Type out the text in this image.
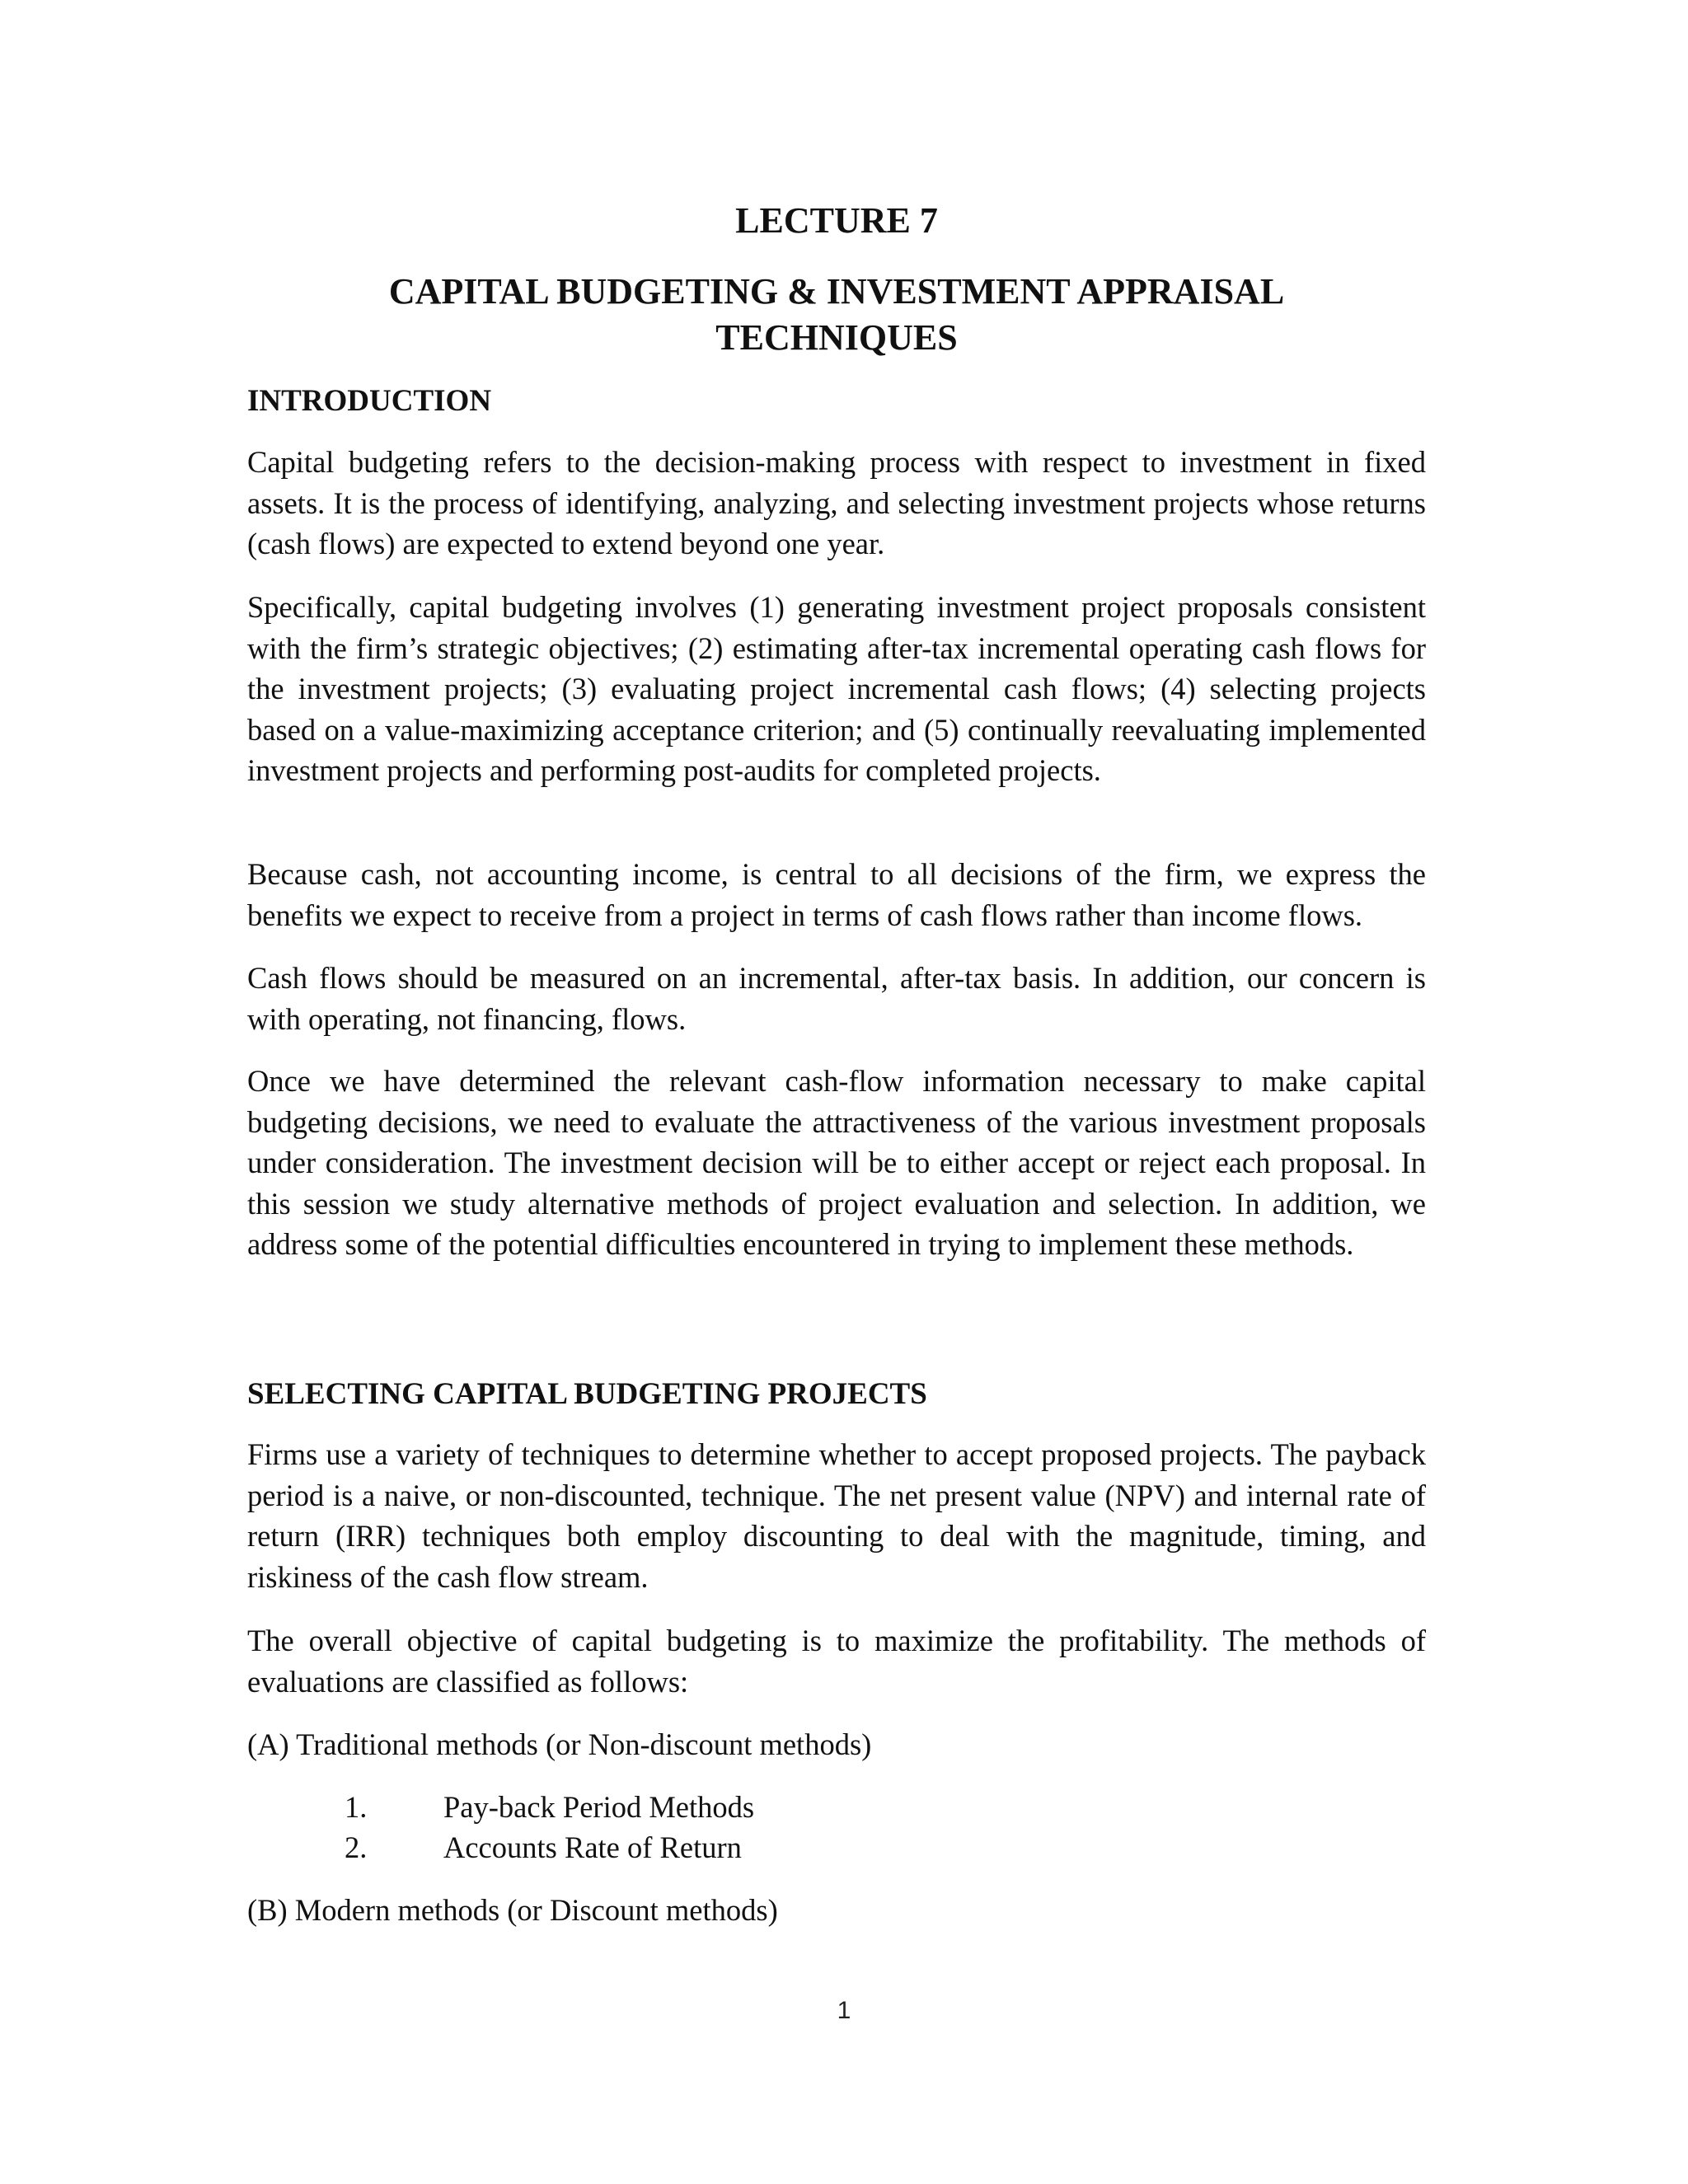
LECTURE 7
CAPITAL BUDGETING & INVESTMENT APPRAISAL
TECHNIQUES
INTRODUCTION

Capital budgeting refers to the decision-making process with respect to investment in fixed assets. It is the process of identifying, analyzing, and selecting investment projects whose returns (cash flows) are expected to extend beyond one year.

Specifically, capital budgeting involves (1) generating investment project proposals consistent with the firm’s strategic objectives; (2) estimating after-tax incremental operating cash flows for the investment projects; (3) evaluating project incremental cash flows; (4) selecting projects based on a value-maximizing acceptance criterion; and (5) continually reevaluating implemented investment projects and performing post-audits for completed projects.

Because cash, not accounting income, is central to all decisions of the firm, we express the benefits we expect to receive from a project in terms of cash flows rather than income flows.

Cash flows should be measured on an incremental, after-tax basis. In addition, our concern is with operating, not financing, flows.

Once we have determined the relevant cash-flow information necessary to make capital budgeting decisions, we need to evaluate the attractiveness of the various investment proposals under consideration. The investment decision will be to either accept or reject each proposal. In this session we study alternative methods of project evaluation and selection. In addition, we address some of the potential difficulties encountered in trying to implement these methods.

SELECTING CAPITAL BUDGETING PROJECTS

Firms use a variety of techniques to determine whether to accept proposed projects. The payback period is a naive, or non-discounted, technique. The net present value (NPV) and internal rate of return (IRR) techniques both employ discounting to deal with the magnitude, timing, and riskiness of the cash flow stream.

The overall objective of capital budgeting is to maximize the profitability. The methods of evaluations are classified as follows:

(A) Traditional methods (or Non-discount methods)

1.	Pay-back Period Methods
2.	Accounts Rate of Return

(B) Modern methods (or Discount methods)

1
